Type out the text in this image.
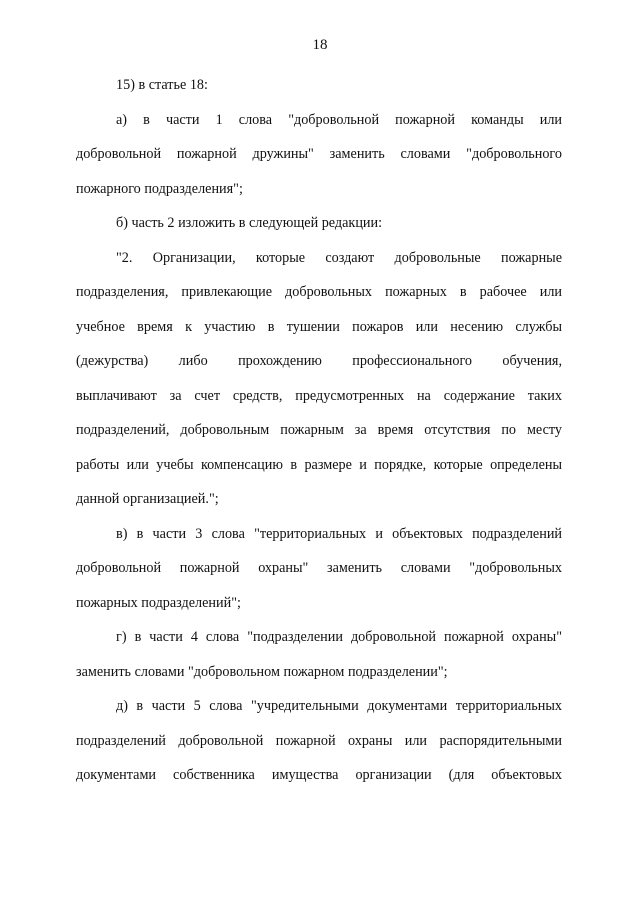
18
15) в статье 18:
а) в части 1 слова "добровольной пожарной команды или
добровольной пожарной дружины" заменить словами "добровольного
пожарного подразделения";
б) часть 2 изложить в следующей редакции:
"2. Организации, которые создают добровольные пожарные
подразделения, привлекающие добровольных пожарных в рабочее или
учебное время к участию в тушении пожаров или несению службы
(дежурства) либо прохождению профессионального обучения,
выплачивают за счет средств, предусмотренных на содержание таких
подразделений, добровольным пожарным за время отсутствия по месту
работы или учебы компенсацию в размере и порядке, которые определены
данной организацией.";
в) в части 3 слова "территориальных и объектовых подразделений
добровольной пожарной охраны" заменить словами "добровольных
пожарных подразделений";
г) в части 4 слова "подразделении добровольной пожарной охраны"
заменить словами "добровольном пожарном подразделении";
д) в части 5 слова "учредительными документами территориальных
подразделений добровольной пожарной охраны или распорядительными
документами собственника имущества организации (для объектовых
